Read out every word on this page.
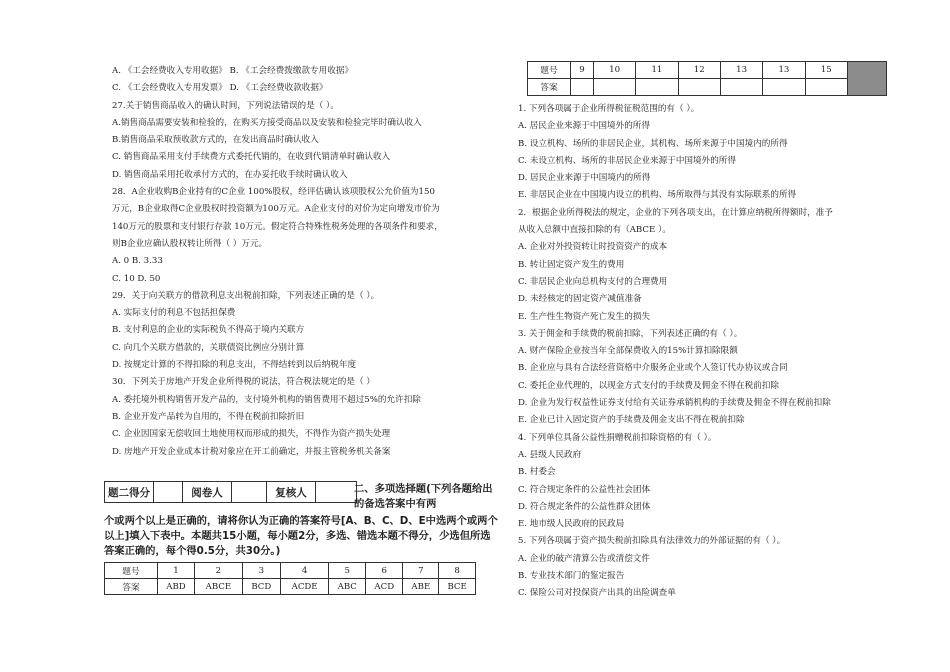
A. 《工会经费收入专用收据》 B. 《工会经费拨缴款专用收据》

C. 《工会经费收入专用发票》 D. 《工会经费收款收据》

27.关于销售商品收入的确认时间，下列说法错误的是（ ）。

A.销售商品需要安装和检验的，在购买方接受商品以及安装和检验完毕时确认收入

B.销售商品采取预收款方式的，在发出商品时确认收入

C. 销售商品采用支付手续费方式委托代销的，在收到代销清单时确认收入

D. 销售商品采用托收承付方式的，在办妥托收手续时确认收入

28．A企业收购B企业持有的C企业 100%股权，经评估确认该项股权公允价值为150

万元，B企业取得C企业股权时投资额为100万元。A企业支付的对价为定向增发市价为

140万元的股票和支付银行存款 10万元。假定符合特殊性税务处理的各项条件和要求，

则B企业应确认股权转让所得（ ）万元。

A. 0 B. 3.33

C. 10 D. 50

29．关于向关联方的借款利息支出税前扣除，下列表述正确的是（ ）。

A. 实际支付的利息不包括担保费

B. 支付利息的企业的实际税负不得高于境内关联方

C. 向几个关联方借款的，关联债资比例应分别计算

D. 按规定计算的不得扣除的利息支出，不得结转到以后纳税年度

30．下列关于房地产开发企业所得税的说法，符合税法规定的是（ ）

A. 委托境外机构销售开发产品的，支付境外机构的销售费用不超过5%的允许扣除

B. 企业开发产品转为自用的，不得在税前扣除折旧

C. 企业因国家无偿收回土地使用权而形成的损失，不得作为资产损失处理

D. 房地产开发企业成本计税对象应在开工前确定，并报主管税务机关备案

题二得分		阅卷人		复核人		二、多项选择题(下列各题给出的备选答案中有两
个或两个以上是正确的，请将你认为正确的答案符号[A、B、C、D、E中选两个或两个以上]填入下表中。本题共15小题，每小题2分，多选、错选本题不得分，少选但所选答案正确的，每个得0.5分，共30分。)
题号	1	2	3	4	5	6	7	8
答案	ABD	ABCE	BCD	ACDE	ABC	ACD	ABE	BCE
题号	9	10	11	12	13	13	15	
答案								

1. 下列各项属于企业所得税征税范围的有（ ）。

A. 居民企业来源于中国境外的所得

B. 设立机构、场所的非居民企业，其机构、场所来源于中国境内的所得

C. 未设立机构、场所的非居民企业来源于中国境外的所得

D. 居民企业来源于中国境内的所得

E. 非居民企业在中国境内设立的机构、场所取得与其没有实际联系的所得

2．根据企业所得税法的规定，企业的下列各项支出，在计算应纳税所得额时，准予

从收入总额中直接扣除的有（ABCE ）。

A. 企业对外投资转让时投资资产的成本

B. 转让固定资产发生的费用

C. 非居民企业向总机构支付的合理费用

D. 未经核定的固定资产减值准备

E. 生产性生物资产死亡发生的损失

3. 关于佣金和手续费的税前扣除，下列表述正确的有（ ）。

A. 财产保险企业按当年全部保费收入的15%计算扣除限额

B. 企业应与具有合法经营资格中介服务企业或个人签订代办协议或合同

C. 委托企业代理的，以现金方式支付的手续费及佣金不得在税前扣除

D. 企业为发行权益性证券支付给有关证券承销机构的手续费及佣金不得在税前扣除

E. 企业已计入固定资产的手续费及佣金支出不得在税前扣除

4. 下列单位具备公益性捐赠税前扣除资格的有（ ）。

A. 县级人民政府

B. 村委会

C. 符合规定条件的公益性社会团体

D. 符合规定条件的公益性群众团体

E. 地市级人民政府的民政局

5. 下列各项属于资产损失税前扣除具有法律效力的外部证据的有（ ）。

A. 企业的破产清算公告或清偿文件

B. 专业技术部门的鉴定报告

C. 保险公司对投保资产出具的出险调查单
